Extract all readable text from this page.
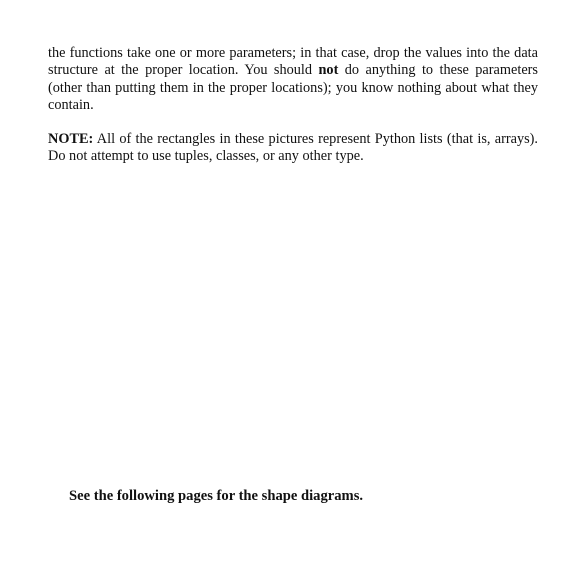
the functions take one or more parameters; in that case, drop the values into the data structure at the proper location. You should not do anything to these parameters (other than putting them in the proper locations); you know nothing about what they contain.

NOTE: All of the rectangles in these pictures represent Python lists (that is, arrays). Do not attempt to use tuples, classes, or any other type.

See the following pages for the shape diagrams.
